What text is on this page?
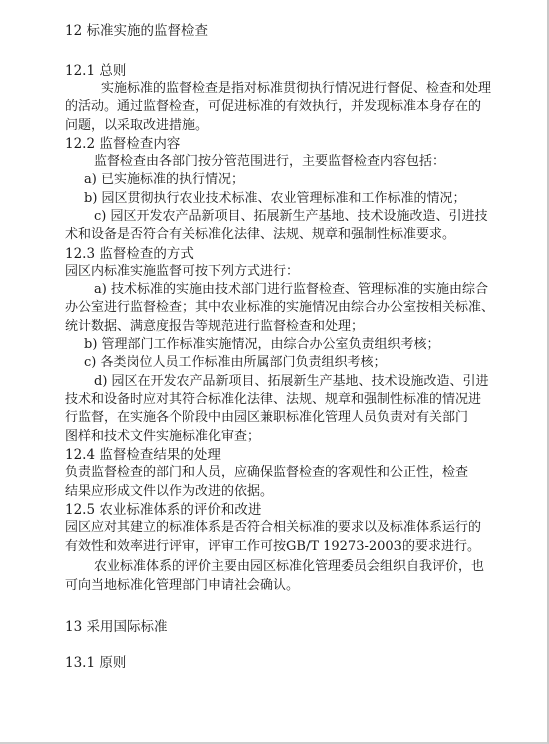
12 标准实施的监督检查
12.1 总则
实施标准的监督检查是指对标准贯彻执行情况进行督促、检查和处理
的活动。通过监督检查，可促进标准的有效执行，并发现标准本身存在的
问题，以采取改进措施。
12.2 监督检查内容
监督检查由各部门按分管范围进行，主要监督检查内容包括：
a) 已实施标准的执行情况；
b) 园区贯彻执行农业技术标准、农业管理标准和工作标准的情况；
c) 园区开发农产品新项目、拓展新生产基地、技术设施改造、引进技
术和设备是否符合有关标准化法律、法规、规章和强制性标准要求。
12.3 监督检查的方式
园区内标准实施监督可按下列方式进行：
a) 技术标准的实施由技术部门进行监督检查、管理标准的实施由综合
办公室进行监督检查；其中农业标准的实施情况由综合办公室按相关标准、
统计数据、满意度报告等规范进行监督检查和处理；
b) 管理部门工作标准实施情况，由综合办公室负责组织考核；
c) 各类岗位人员工作标准由所属部门负责组织考核；
d) 园区在开发农产品新项目、拓展新生产基地、技术设施改造、引进
技术和设备时应对其符合标准化法律、法规、规章和强制性标准的情况进
行监督，在实施各个阶段中由园区兼职标准化管理人员负责对有关部门
图样和技术文件实施标准化审查；
12.4 监督检查结果的处理
负责监督检查的部门和人员，应确保监督检查的客观性和公正性，检查
结果应形成文件以作为改进的依据。
12.5 农业标准体系的评价和改进
园区应对其建立的标准体系是否符合相关标准的要求以及标准体系运行的
有效性和效率进行评审，评审工作可按GB/T 19273-2003的要求进行。
农业标准体系的评价主要由园区标准化管理委员会组织自我评价，也
可向当地标准化管理部门申请社会确认。
13 采用国际标准
13.1 原则
